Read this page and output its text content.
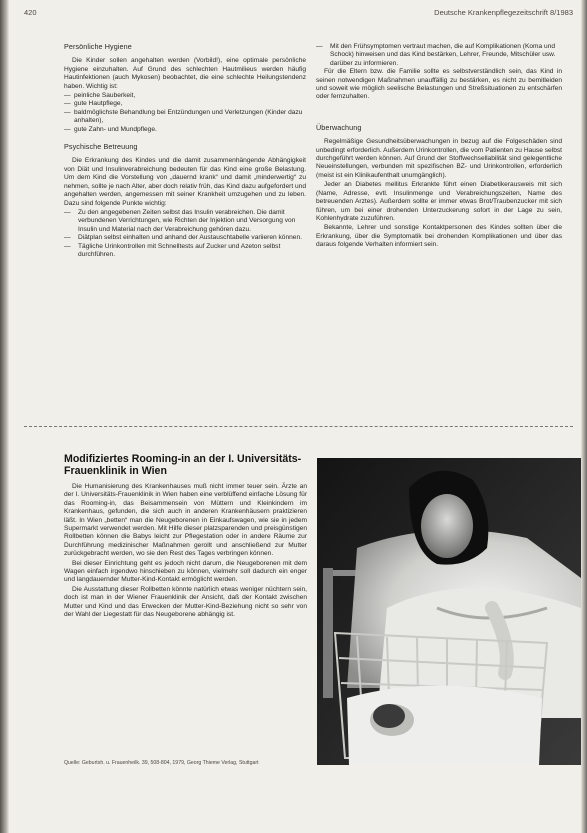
420	Deutsche Krankenpflegezeitschrift 8/1983
Persönliche Hygiene

Die Kinder sollen angehalten werden (Vorbild!), eine optimale persönliche Hygiene einzuhalten. Auf Grund des schlechten Hautmilieus werden häufig Hautinfektionen (auch Mykosen) beobachtet, die eine schlechte Heilungstendenz haben. Wichtig ist:

— peinliche Sauberkeit,
— gute Hautpflege,
— baldmöglichste Behandlung bei Entzündungen und Verletzungen (Kinder dazu anhalten),
— gute Zahn- und Mundpflege.
Psychische Betreuung

Die Erkrankung des Kindes und die damit zusammenhängende Abhängigkeit von Diät und Insulinverabreichung bedeuten für das Kind eine große Belastung. Um dem Kind die Vorstellung von „dauernd krank“ und damit „minderwertig“ zu nehmen, sollte je nach Alter, aber doch relativ früh, das Kind dazu aufgefordert und angehalten werden, angemessen mit seiner Krankheit umzugehen und zu leben. Dazu sind folgende Punkte wichtig:

— Zu den angegebenen Zeiten selbst das Insulin verabreichen. Die damit verbundenen Verrichtungen, wie Richten der Injektion und Versorgung von Insulin und Material nach der Verabreichung gehören dazu.
— Diätplan selbst einhalten und anhand der Austauschtabelle variieren können.
— Tägliche Urinkontrollen mit Schnelltests auf Zucker und Azeton selbst durchführen.
— Mit den Frühsymptomen vertraut machen, die auf Komplikationen (Koma und Schock) hinweisen und das Kind bestärken, Lehrer, Freunde, Mitschüler usw. darüber zu informieren.

Für die Eltern bzw. die Familie sollte es selbstverständlich sein, das Kind in seinen notwendigen Maßnahmen unauffällig zu bestärken, es nicht zu bemitleiden und soweit wie möglich seelische Belastungen und Streßsituationen zu entschärfen oder fernzuhalten.

Überwachung

Regelmäßige Gesundheitsüberwachungen in bezug auf die Folgeschäden sind unbedingt erforderlich. Außerdem Urinkontrollen, die vom Patienten zu Hause selbst durchgeführt werden können. Auf Grund der Stoffwechsellabilität sind gelegentliche Neueinstellungen, verbunden mit spezifischen BZ- und Urinkontrollen, erforderlich (meist ist ein Klinikaufenthalt unumgänglich).

Jeder an Diabetes mellitus Erkrankte führt einen Diabetikerausweis mit sich (Name, Adresse, evtl. Insulinmenge und Verabreichungszeiten, Name des betreuenden Arztes). Außerdem sollte er immer etwas Brot/Traubenzucker mit sich führen, um bei einer drohenden Unterzuckerung sofort in der Lage zu sein, Kohlenhydrate zuzuführen.

Bekannte, Lehrer und sonstige Kontaktpersonen des Kindes sollten über die Erkrankung, über die Symptomatik bei drohenden Komplikationen und über das daraus folgende Verhalten informiert sein.

Modifiziertes Rooming-in an der I. Universitäts-Frauenklinik in Wien

Die Humanisierung des Krankenhauses muß nicht immer teuer sein. Ärzte an der I. Universitäts-Frauenklinik in Wien haben eine verblüffend einfache Lösung für das Rooming-in, das Beisammensein von Müttern und Kleinkindern im Krankenhaus, gefunden, die sich auch in anderen Krankenhäusern praktizieren läßt. In Wien „betten“ man die Neugeborenen in Einkaufswagen, wie sie in jedem Supermarkt verwendet werden. Mit Hilfe dieser platzsparenden und preisgünstigen Rollbetten können die Babys leicht zur Pflegestation oder in andere Räume zur Durchführung medizinischer Maßnahmen gerollt und anschließend zur Mutter zurückgebracht werden, wo sie den Rest des Tages verbringen können.

Bei dieser Einrichtung geht es jedoch nicht darum, die Neugeborenen mit dem Wagen einfach irgendwo hinschieben zu können, vielmehr soll dadurch ein enger und langdauernder Mutter-Kind-Kontakt ermöglicht werden.

Die Ausstattung dieser Rollbetten könnte natürlich etwas weniger nüchtern sein, doch ist man in der Wiener Frauenklinik der Ansicht, daß der Kontakt zwischen Mutter und Kind und das Erwecken der Mutter-Kind-Beziehung nicht so sehr von der Wahl der Liegestatt für das Neugeborene abhängig ist.

Quelle: Geburtsh. u. Frauenheilk. 39, 508-804, 1979, Georg Thieme Verlag, Stuttgart
